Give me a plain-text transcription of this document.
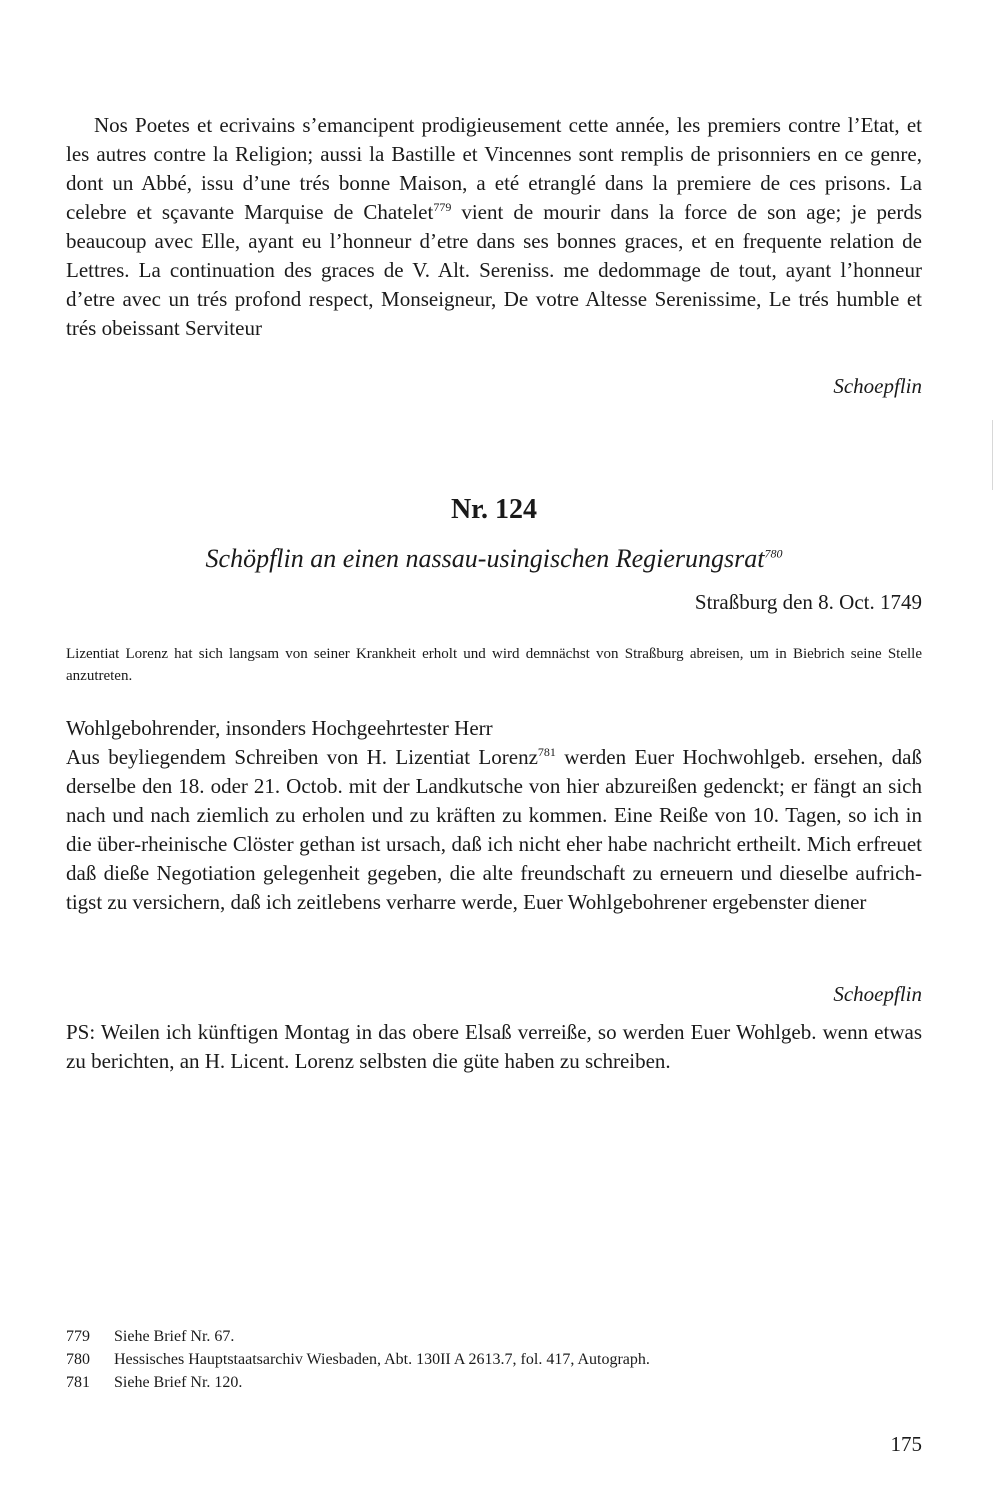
Nos Poetes et ecrivains s’emancipent prodigieusement cette année, les premiers contre l’Etat, et les autres contre la Religion; aussi la Bastille et Vincennes sont remplis de prisonniers en ce genre, dont un Abbé, issu d’une trés bonne Maison, a eté etranglé dans la premiere de ces prisons. La celebre et sçavante Marquise de Chatelet$^{779}$ vient de mourir dans la force de son age; je perds beaucoup avec Elle, ayant eu l’honneur d’etre dans ses bonnes graces, et en frequente relation de Lettres. La continuation des graces de V. Alt. Sereniss. me dedommage de tout, ayant l’honneur d’etre avec un trés profond respect, Monseigneur, De votre Altesse Serenissime, Le trés humble et trés obeissant Serviteur

Schoepflin
Nr. 124
Schöpflin an einen nassau-usingischen Regierungsrat$^{780}$
Straßburg den 8. Oct. 1749

Lizentiat Lorenz hat sich langsam von seiner Krankheit erholt und wird demnächst von Straßburg abreisen, um in Biebrich seine Stelle anzutreten.

Wohlgebohrender, insonders Hochgeehrtester Herr

Aus beyliegendem Schreiben von H. Lizentiat Lorenz$^{781}$ werden Euer Hochwohlgeb. ersehen, daß derselbe den 18. oder 21. Octob. mit der Landkutsche von hier abzureißen gedenckt; er fängt an sich nach und nach ziemlich zu erholen und zu kräften zu kommen. Eine Reiße von 10. Tagen, so ich in die über-rheinische Clöster gethan ist ursach, daß ich nicht eher habe nachricht ertheilt. Mich erfreuet daß dieße Negotiation gelegenheit gegeben, die alte freundschaft zu erneuern und dieselbe aufrichtigst zu versichern, daß ich zeitlebens verharre werde, Euer Wohlgebohrener ergebenster diener

Schoepflin

PS: Weilen ich künftigen Montag in das obere Elsaß verreiße, so werden Euer Wohlgeb. wenn etwas zu berichten, an H. Licent. Lorenz selbsten die güte haben zu schreiben.

779	Siehe Brief Nr. 67.
780	Hessisches Hauptstaatsarchiv Wiesbaden, Abt. 130II A 2613.7, fol. 417, Autograph.
781	Siehe Brief Nr. 120.
175
